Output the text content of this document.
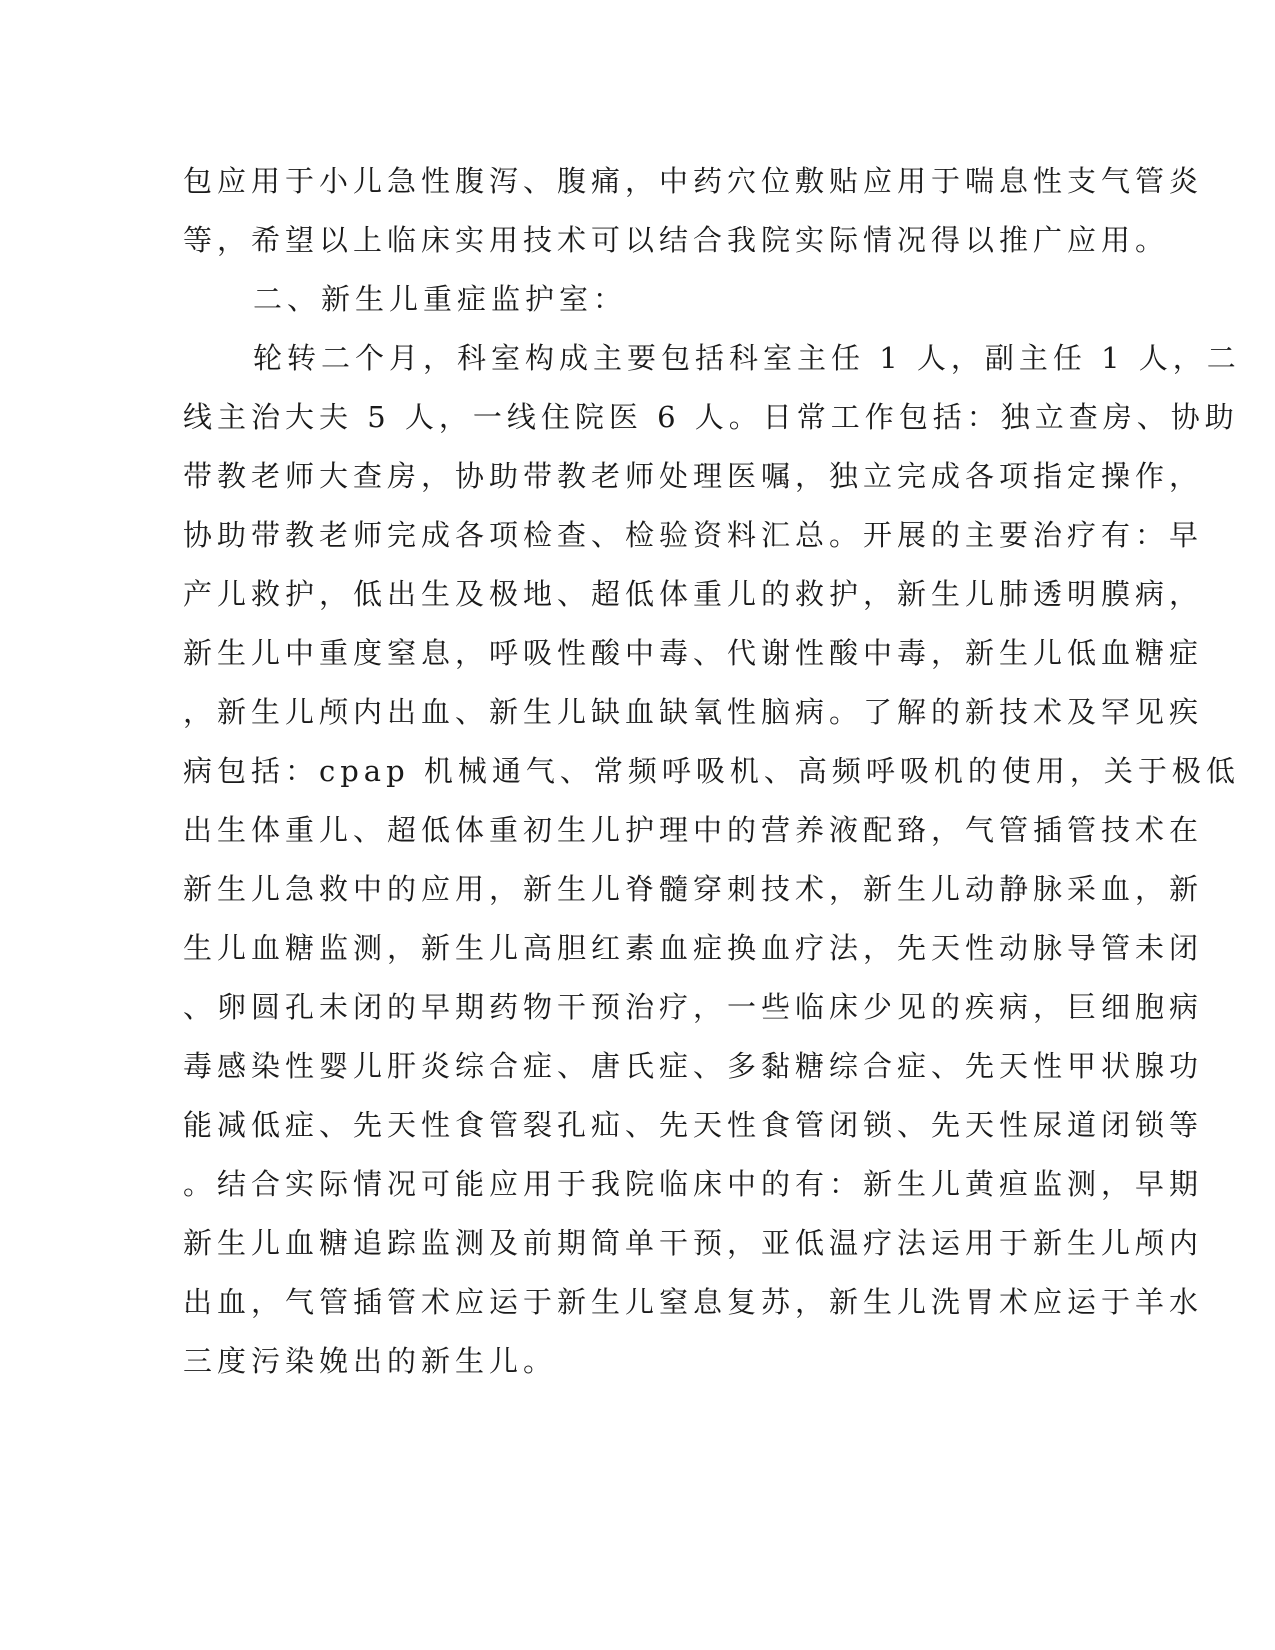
包应用于小儿急性腹泻、腹痛，中药穴位敷贴应用于喘息性支气管炎
等，希望以上临床实用技术可以结合我院实际情况得以推广应用。
二、新生儿重症监护室：
轮转二个月，科室构成主要包括科室主任 1 人，副主任 1 人，二
线主治大夫 5 人，一线住院医 6 人。日常工作包括：独立查房、协助
带教老师大查房，协助带教老师处理医嘱，独立完成各项指定操作，
协助带教老师完成各项检查、检验资料汇总。开展的主要治疗有：早
产儿救护，低出生及极地、超低体重儿的救护，新生儿肺透明膜病，
新生儿中重度窒息，呼吸性酸中毒、代谢性酸中毒，新生儿低血糖症
，新生儿颅内出血、新生儿缺血缺氧性脑病。了解的新技术及罕见疾
病包括：cpap 机械通气、常频呼吸机、高频呼吸机的使用，关于极低
出生体重儿、超低体重初生儿护理中的营养液配臵，气管插管技术在
新生儿急救中的应用，新生儿脊髓穿刺技术，新生儿动静脉采血，新
生儿血糖监测，新生儿高胆红素血症换血疗法，先天性动脉导管未闭
、卵圆孔未闭的早期药物干预治疗，一些临床少见的疾病，巨细胞病
毒感染性婴儿肝炎综合症、唐氏症、多黏糖综合症、先天性甲状腺功
能减低症、先天性食管裂孔疝、先天性食管闭锁、先天性尿道闭锁等
。结合实际情况可能应用于我院临床中的有：新生儿黄疸监测，早期
新生儿血糖追踪监测及前期简单干预，亚低温疗法运用于新生儿颅内
出血，气管插管术应运于新生儿窒息复苏，新生儿洗胃术应运于羊水
三度污染娩出的新生儿。
